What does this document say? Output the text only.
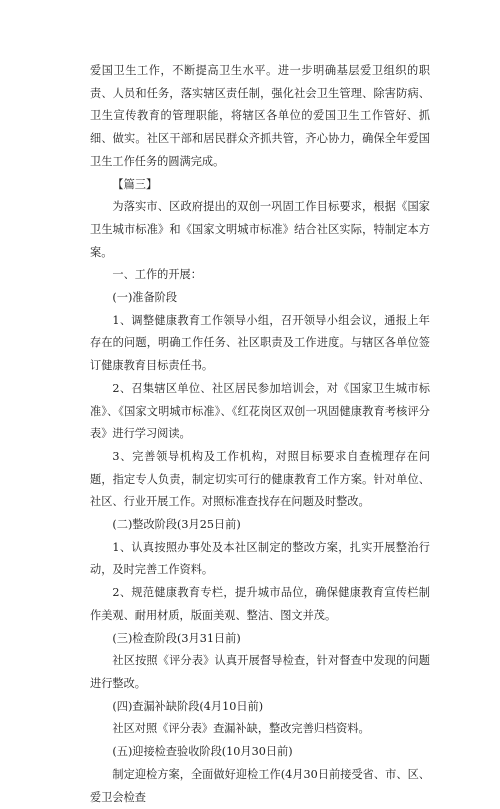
爱国卫生工作，不断提高卫生水平。进一步明确基层爱卫组织的职责、人员和任务，落实辖区责任制，强化社会卫生管理、除害防病、卫生宣传教育的管理职能，将辖区各单位的爱国卫生工作管好、抓细、做实。社区干部和居民群众齐抓共管，齐心协力，确保全年爱国卫生工作任务的圆满完成。

【篇三】

为落实市、区政府提出的双创一巩固工作目标要求，根据《国家卫生城市标准》和《国家文明城市标准》结合社区实际，特制定本方案。

一、工作的开展：

(一)准备阶段

1、调整健康教育工作领导小组，召开领导小组会议，通报上年存在的问题，明确工作任务、社区职责及工作进度。与辖区各单位签订健康教育目标责任书。

2、召集辖区单位、社区居民参加培训会，对《国家卫生城市标准》、《国家文明城市标准》、《红花岗区双创一巩固健康教育考核评分表》进行学习阅读。

3、完善领导机构及工作机构，对照目标要求自查梳理存在问题，指定专人负责，制定切实可行的健康教育工作方案。针对单位、社区、行业开展工作。对照标准查找存在问题及时整改。

(二)整改阶段(3月25日前)

1、认真按照办事处及本社区制定的整改方案，扎实开展整治行动，及时完善工作资料。

2、规范健康教育专栏，提升城市品位，确保健康教育宣传栏制作美观、耐用材质，版面美观、整洁、图文并茂。

(三)检查阶段(3月31日前)

社区按照《评分表》认真开展督导检查，针对督查中发现的问题进行整改。

(四)查漏补缺阶段(4月10日前)

社区对照《评分表》查漏补缺，整改完善归档资料。

(五)迎接检查验收阶段(10月30日前)

制定迎检方案，全面做好迎检工作(4月30日前接受省、市、区、爱卫会检查
